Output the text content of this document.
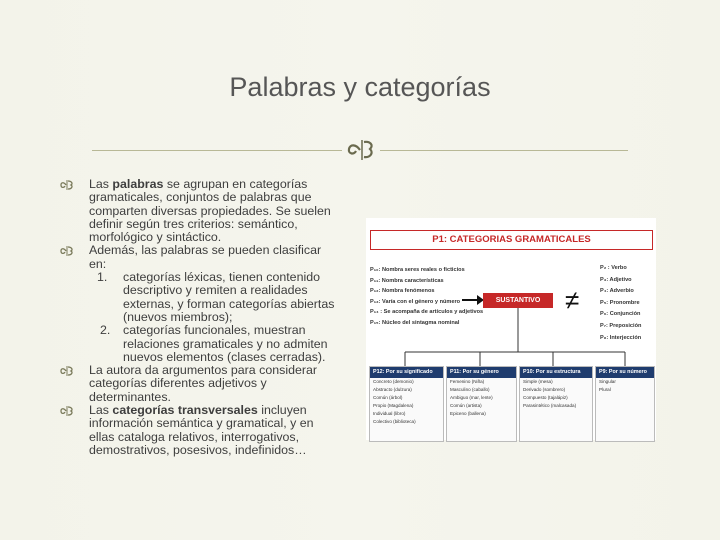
Palabras y categorías
Las palabras se agrupan en categorías
gramaticales, conjuntos de palabras que
comparten diversas propiedades. Se suelen
definir según tres criterios: semántico,
morfológico y sintáctico.
Además, las palabras se pueden clasificar
en:
1. categorías léxicas, tienen contenido
descriptivo y remiten a realidades
externas, y forman categorías abiertas
(nuevos miembros);
2. categorías funcionales, muestran
relaciones gramaticales y no admiten
nuevos elementos (clases cerradas).
La autora da argumentos para considerar
categorías diferentes adjetivos y
determinantes.
Las categorías transversales incluyen
información semántica y gramatical, y en
ellas cataloga relativos, interrogativos,
demostrativos, posesivos, indefinidos…
P1: CATEGORIAS GRAMATICALES
SUSTANTIVO ≠
P₁₀: Nombra seres reales o ficticios
P₁₁: Nombra características
P₁₂: Nombra fenómenos
P₁₃: Varía con el género y número
P₁₄ : Se acompaña de artículos y adjetivos
P₁₅: Núcleo del sintagma nominal
P₂ : Verbo
P₃: Adjetivo
P₄: Adverbio
P₅: Pronombre
P₆: Conjunción
P₇: Preposición
P₈: Interjección
P12: Por su significado
Concreto (demonio)
Abstracto (dulzura)
Común (árbol)
Propio (Magdalena)
Individual (libro)
Colectivo (biblioteca)
P11: Por su género
Femenino (Niña)
Masculino (caballo)
Ambiguo (mar, lente)
Común (artista)
Epiceno (ballena)
P10: Por su estructura
Simple (mesa)
Derivado (sombrero)
Compuesto (tajalápiz)
Parasintético (malcasada)
P9: Por su número
Singular
Plural
